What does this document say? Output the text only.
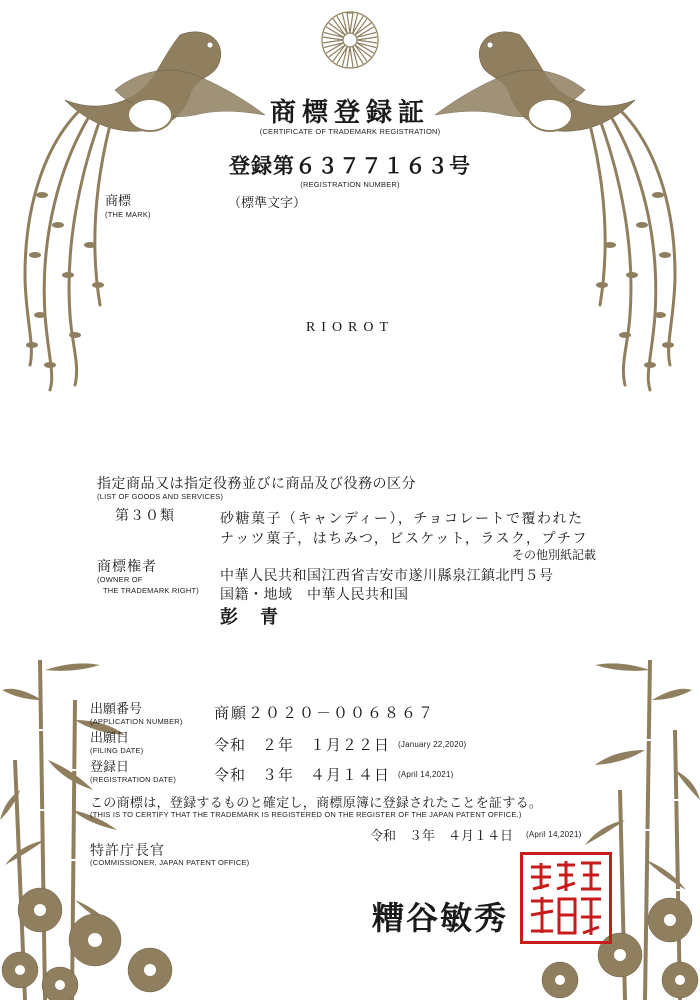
商標登録証
(CERTIFICATE OF TRADEMARK REGISTRATION)
登録第６３７７１６３号
(REGISTRATION NUMBER)
商標
(THE MARK)
（標準文字）
RIOROT
指定商品又は指定役務並びに商品及び役務の区分
(LIST OF GOODS AND SERVICES)
第３０類	砂糖菓子（キャンディー），チョコレートで覆われた
ナッツ菓子，はちみつ，ビスケット，ラスク，プチフ
その他別紙記載
商標権者
(OWNER OF
THE TRADEMARK RIGHT)
中華人民共和国江西省吉安市遂川縣泉江鎮北門５号
国籍・地域　中華人民共和国
彭　青
出願番号
(APPLICATION NUMBER) 商願２０２０－００６８６７
出願日
(FILING DATE)	令和　２年　１月２２日 (January 22,2020)
登録日
(REGISTRATION DATE)	令和　３年　４月１４日 (April 14,2021)
この商標は，登録するものと確定し，商標原簿に登録されたことを証する。
(THIS IS TO CERTIFY THAT THE TRADEMARK IS REGISTERED ON THE REGISTER OF THE JAPAN PATENT OFFICE.)
令和　３年　４月１４日 (April 14,2021)
特許庁長官
(COMMISSIONER, JAPAN PATENT OFFICE)
糟谷敏秀
